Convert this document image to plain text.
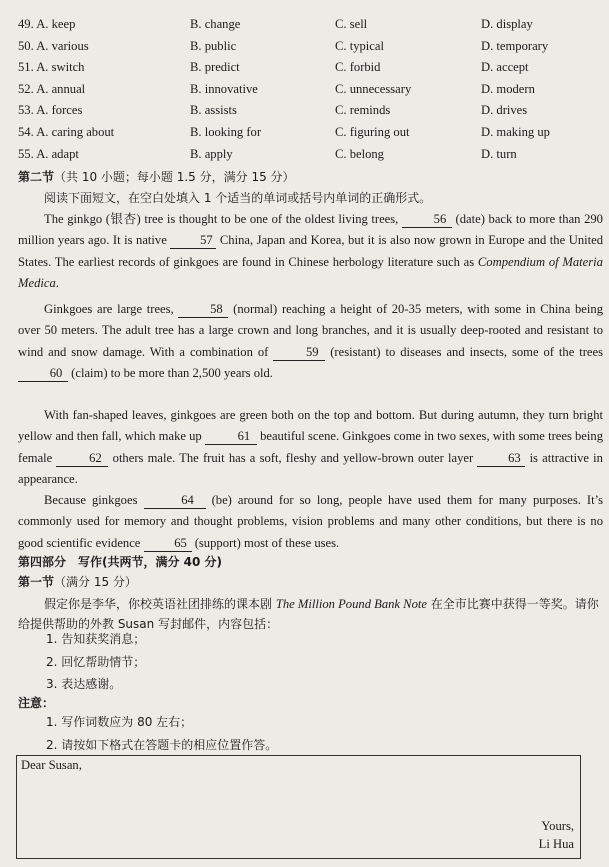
49. A. keep	B. change	C. sell	D. display
50. A. various	B. public	C. typical	D. temporary
51. A. switch	B. predict	C. forbid	D. accept
52. A. annual	B. innovative	C. unnecessary	D. modern
53. A. forces	B. assists	C. reminds	D. drives
54. A. caring about	B. looking for	C. figuring out	D. making up
55. A. adapt	B. apply	C. belong	D. turn
第二节（共 10 小题；每小题 1.5 分，满分 15 分）
阅读下面短文，在空白处填入 1 个适当的单词或括号内单词的正确形式。
The ginkgo (银杏) tree is thought to be one of the oldest living trees,	56 (date) back to more than 290 million years ago. It is native	57 China, Japan and Korea, but it is also now grown in Europe and the United States. The earliest records of ginkgoes are found in Chinese herbology literature such as Compendium of Materia Medica.
Ginkgoes are large trees,	58 (normal) reaching a height of 20-35 meters, with some in China being over 50 meters. The adult tree has a large crown and long branches, and it is usually deep-rooted and resistant to wind and snow damage. With a combination of	59 (resistant) to diseases and insects, some of the trees 60 (claim) to be more than 2,500 years old.
With fan-shaped leaves, ginkgoes are green both on the top and bottom. But during autumn, they turn bright yellow and then fall, which make up	61 beautiful scene. Ginkgoes come in two sexes, with some trees being female	62 others male. The fruit has a soft, fleshy and yellow-brown outer layer	63 is attractive in appearance.
Because ginkgoes	64 (be) around for so long, people have used them for many purposes. It’s commonly used for memory and thought problems, vision problems and many other conditions, but there is no good scientific evidence	65 (support) most of these uses.
第四部分　写作(共两节，满分 40 分)
第一节（满分 15 分）
假定你是李华，你校英语社团排练的课本剧 The Million Pound Bank Note 在全市比赛中获得一等奖。请你给提供帮助的外教 Susan 写封邮件，内容包括：
1. 告知获奖消息；
2. 回忆帮助情节；
3. 表达感谢。
注意：
1. 写作词数应为 80 左右；
2. 请按如下格式在答题卡的相应位置作答。
Dear Susan,
Yours,
Li Hua
